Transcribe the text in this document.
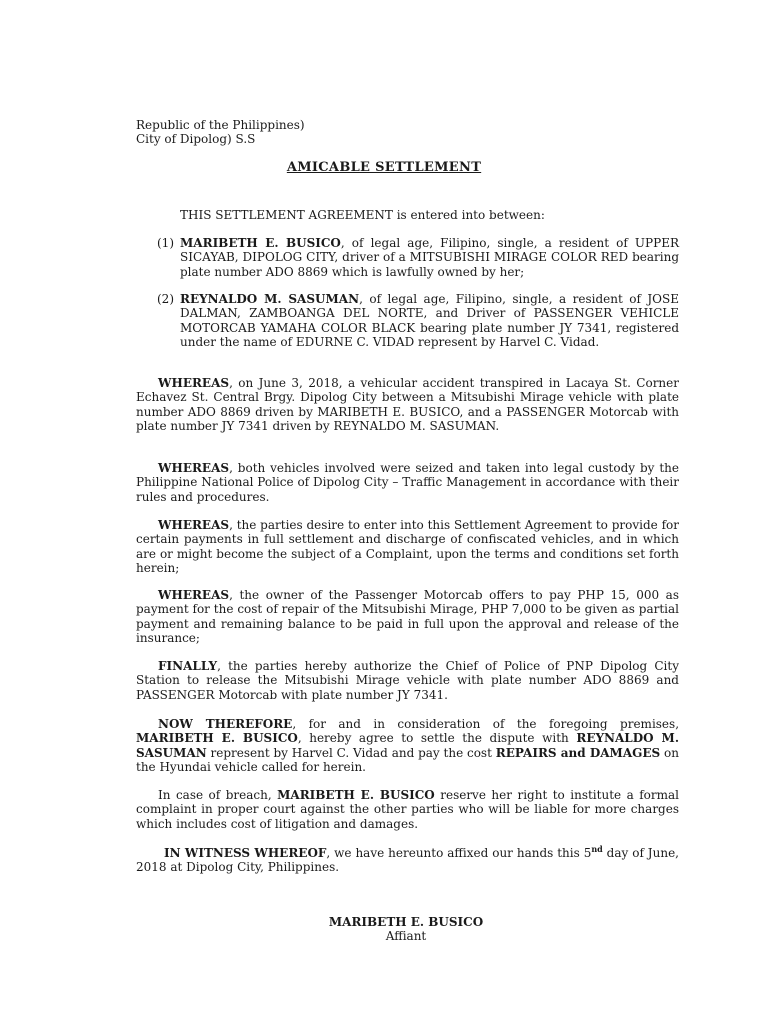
Republic of the Philippines)
City of Dipolog) S.S
AMICABLE SETTLEMENT
THIS SETTLEMENT AGREEMENT is entered into between:
(1) MARIBETH E. BUSICO, of legal age, Filipino, single, a resident of UPPER SICAYAB, DIPOLOG CITY, driver of a MITSUBISHI MIRAGE COLOR RED bearing plate number ADO 8869 which is lawfully owned by her;
(2) REYNALDO M. SASUMAN, of legal age, Filipino, single, a resident of JOSE DALMAN, ZAMBOANGA DEL NORTE, and Driver of PASSENGER VEHICLE MOTORCAB YAMAHA COLOR BLACK bearing plate number JY 7341, registered under the name of EDURNE C. VIDAD represent by Harvel C. Vidad.
WHEREAS, on June 3, 2018, a vehicular accident transpired in Lacaya St. Corner Echavez St. Central Brgy. Dipolog City between a Mitsubishi Mirage vehicle with plate number ADO 8869 driven by MARIBETH E. BUSICO, and a PASSENGER Motorcab with plate number JY 7341 driven by REYNALDO M. SASUMAN.
WHEREAS, both vehicles involved were seized and taken into legal custody by the Philippine National Police of Dipolog City – Traffic Management in accordance with their rules and procedures.
WHEREAS, the parties desire to enter into this Settlement Agreement to provide for certain payments in full settlement and discharge of confiscated vehicles, and in which are or might become the subject of a Complaint, upon the terms and conditions set forth herein;
WHEREAS, the owner of the Passenger Motorcab offers to pay PHP 15, 000 as payment for the cost of repair of the Mitsubishi Mirage, PHP 7,000 to be given as partial payment and remaining balance to be paid in full upon the approval and release of the insurance;
FINALLY, the parties hereby authorize the Chief of Police of PNP Dipolog City Station to release the Mitsubishi Mirage vehicle with plate number ADO 8869 and PASSENGER Motorcab with plate number JY 7341.
NOW THEREFORE, for and in consideration of the foregoing premises, MARIBETH E. BUSICO, hereby agree to settle the dispute with REYNALDO M. SASUMAN represent by Harvel C. Vidad and pay the cost REPAIRS and DAMAGES on the Hyundai vehicle called for herein.
In case of breach, MARIBETH E. BUSICO reserve her right to institute a formal complaint in proper court against the other parties who will be liable for more charges which includes cost of litigation and damages.
IN WITNESS WHEREOF, we have hereunto affixed our hands this 5nd day of June, 2018 at Dipolog City, Philippines.
MARIBETH E. BUSICO
Affiant
